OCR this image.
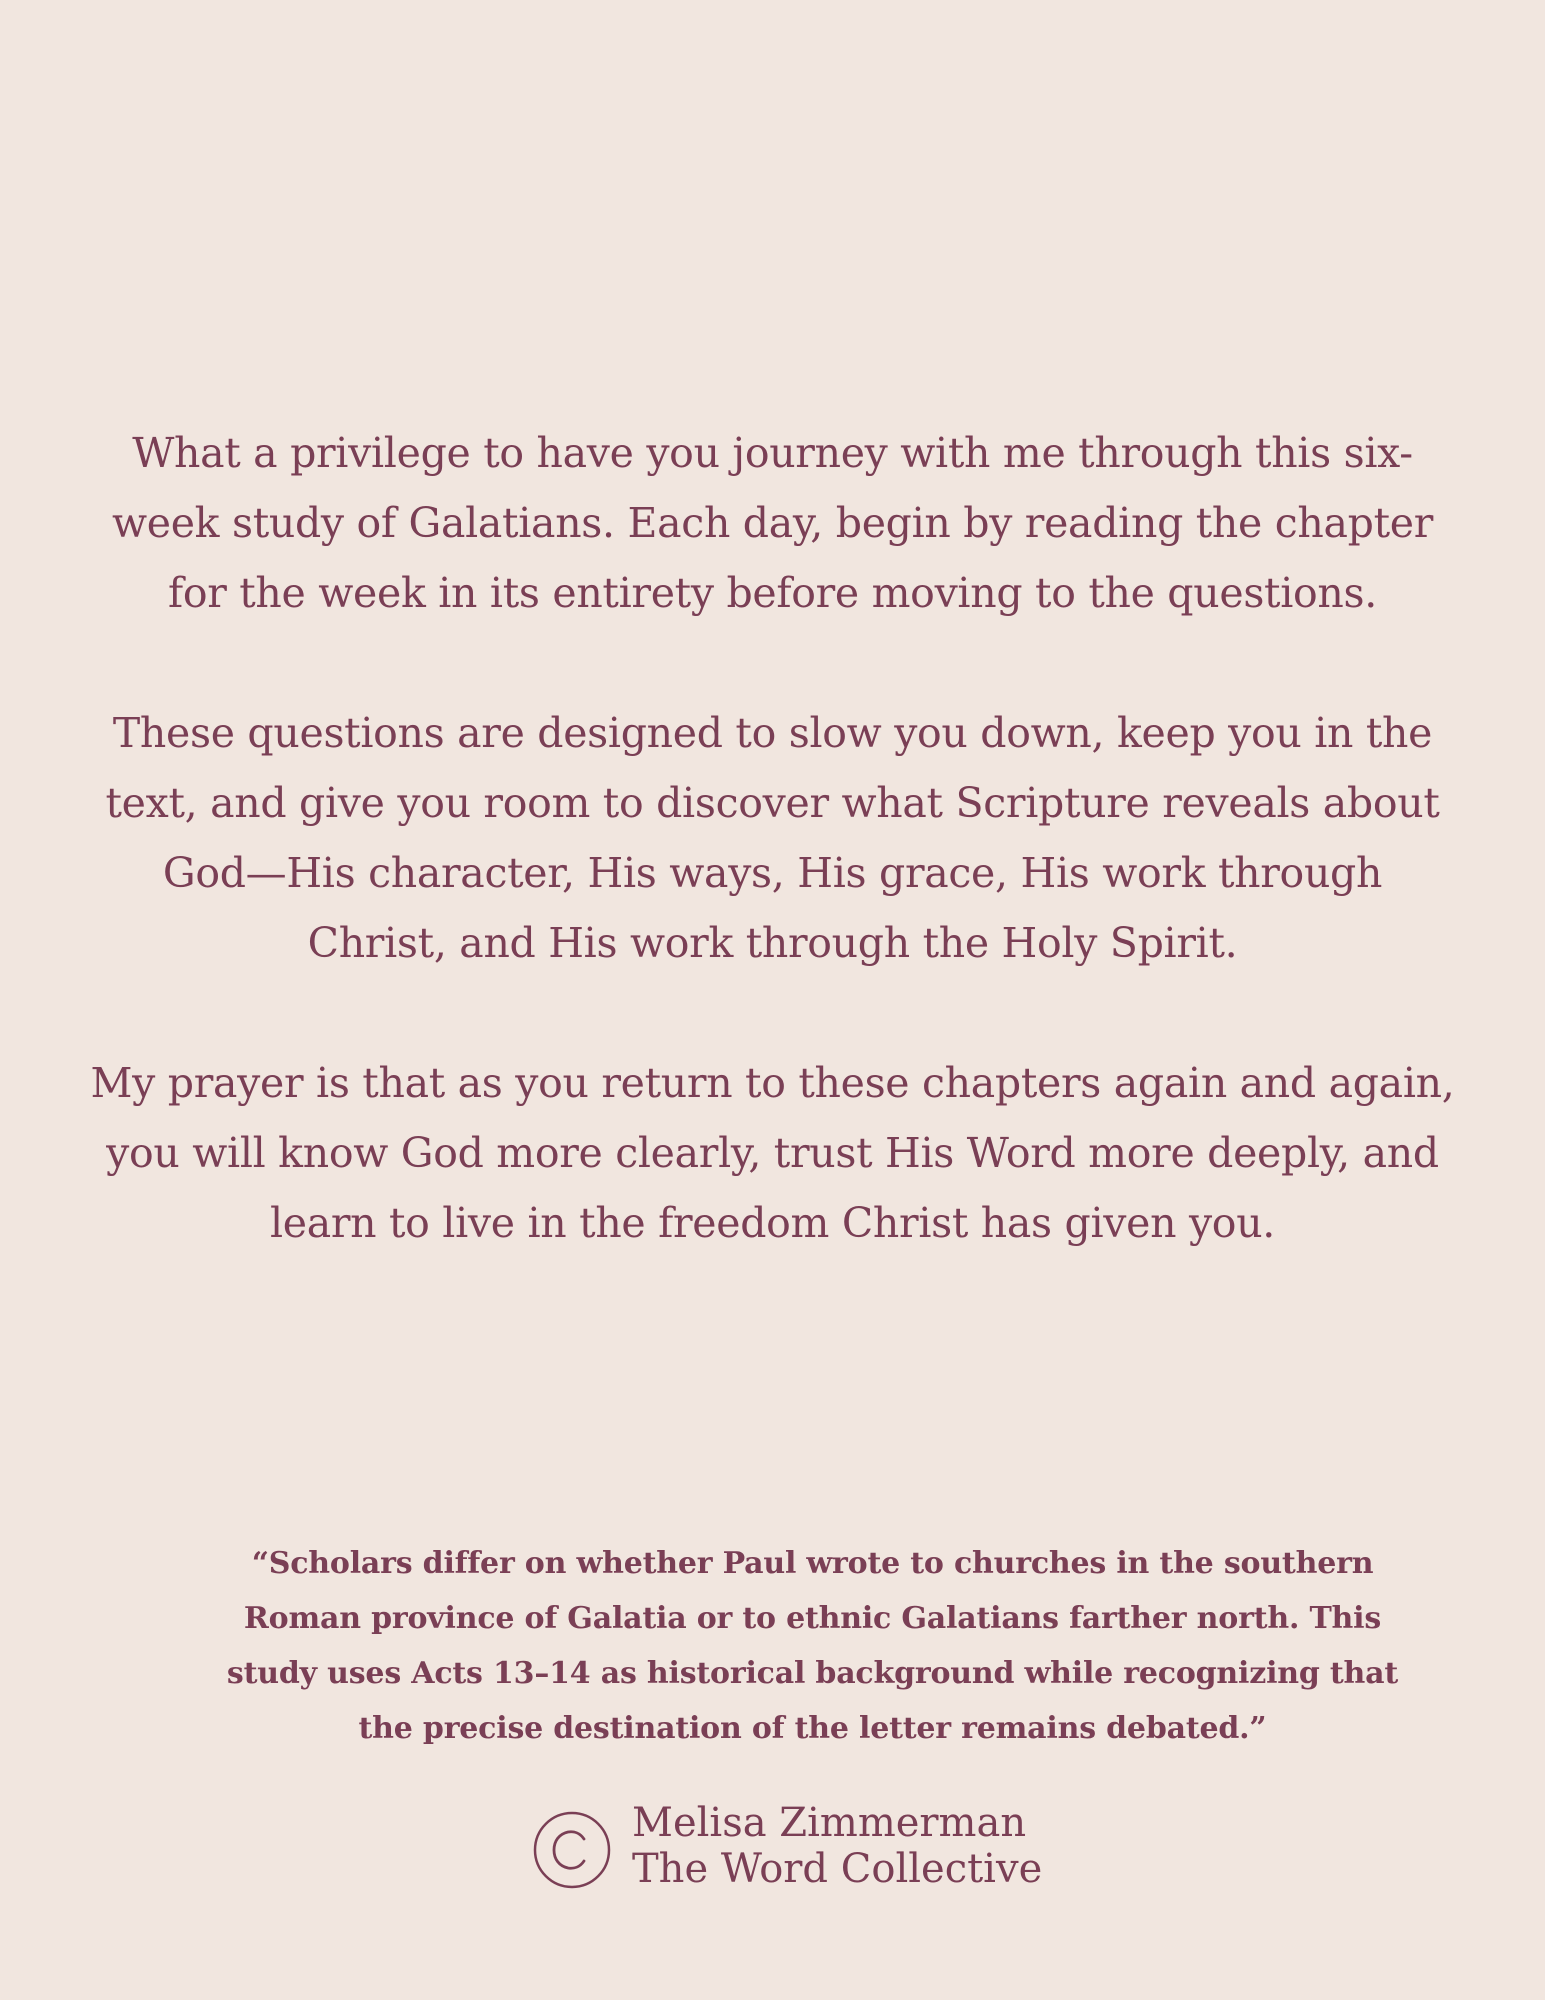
What a privilege to have you journey with me through this six-week study of Galatians. Each day, begin by reading the chapter for the week in its entirety before moving to the questions.

These questions are designed to slow you down, keep you in the text, and give you room to discover what Scripture reveals about God—His character, His ways, His grace, His work through Christ, and His work through the Holy Spirit.

My prayer is that as you return to these chapters again and again, you will know God more clearly, trust His Word more deeply, and learn to live in the freedom Christ has given you.

“Scholars differ on whether Paul wrote to churches in the southern Roman province of Galatia or to ethnic Galatians farther north. This study uses Acts 13–14 as historical background while recognizing that the precise destination of the letter remains debated.”
Melisa Zimmerman
The Word Collective
